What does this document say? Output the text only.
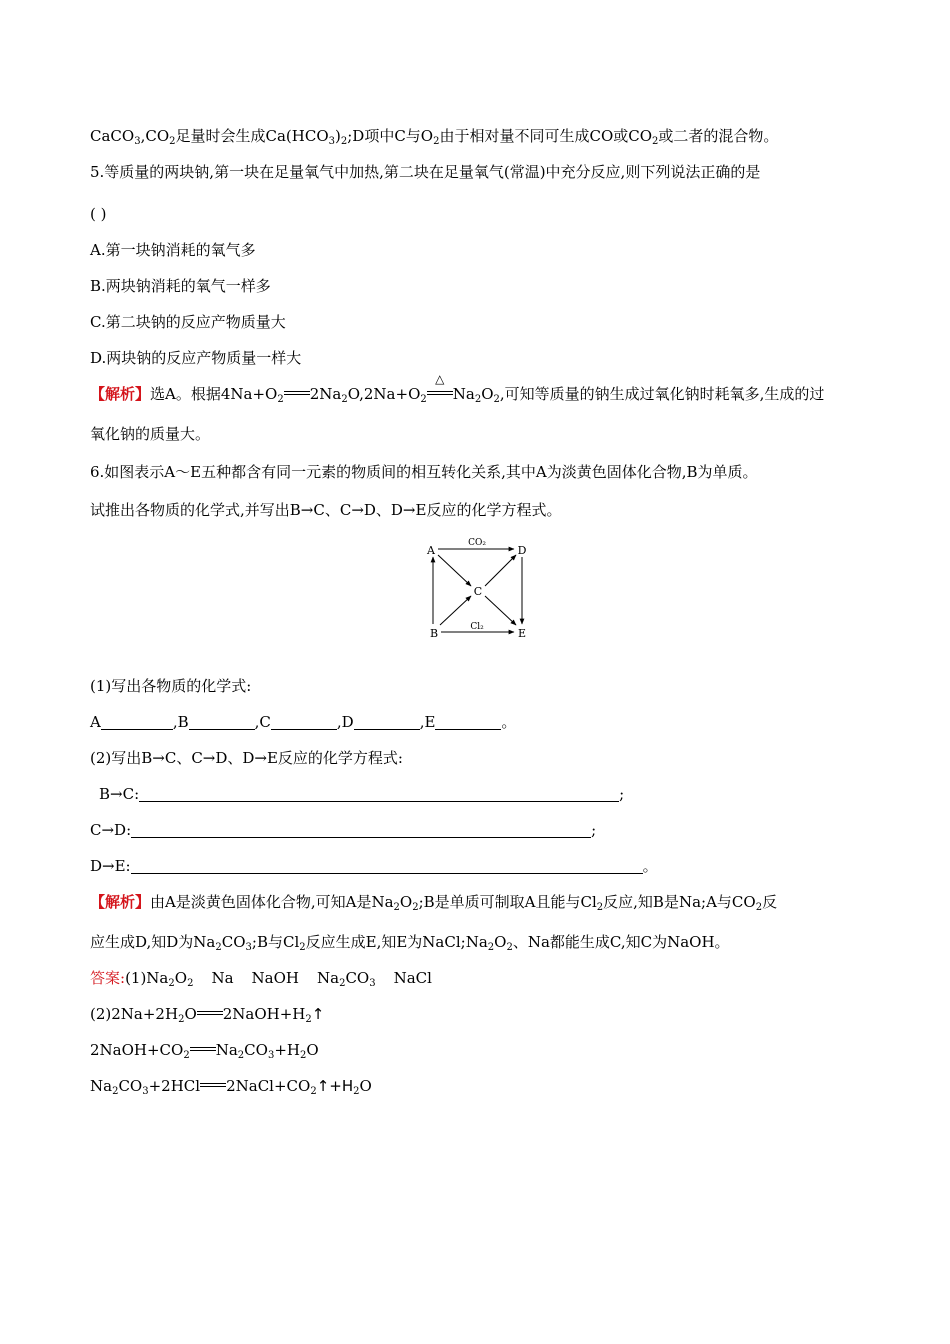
$CaCO_3,CO_2$足量时会生成$Ca(HCO_3)_2;D$项中C与$O_2$由于相对量不同可生成CO或$CO_2$或二者的混合物。
5.等质量的两块钠,第一块在足量氧气中加热,第二块在足量氧气(常温)中充分反应,则下列说法正确的是
( )
A.第一块钠消耗的氧气多
B.两块钠消耗的氧气一样多
C.第二块钠的反应产物质量大
D.两块钠的反应产物质量一样大
【解析】选A。根据$4Na+O_2$ $2Na_2O,2Na+O_2$
△
$Na_2O_2$,可知等质量的钠生成过氧化钠时耗氧多,生成的过
氧化钠的质量大。
6.如图表示A～E五种都含有同一元素的物质间的相互转化关系,其中A为淡黄色固体化合物,B为单质。
试推出各物质的化学式,并写出B→C、C→D、D→E反应的化学方程式。
A	D
C
B	E
CO₂
Cl₂
(1)写出各物质的化学式:
A	,B	,C	,D	,E	。
(2)写出B→C、C→D、D→E反应的化学方程式:
B→C:	;
C→D:	;
D→E:	。
【解析】由A是淡黄色固体化合物,可知A是$Na_2O_2;B$是单质可制取A且能与$Cl_2$反应,知B是Na;A与$CO_2$反
应生成D,知D为$Na_2CO_3;B$与$Cl_2$反应生成E,知E为$NaCl;Na_2O_2$、Na都能生成C,知C为NaOH。
答案$:(1)Na_2O_2$ Na NaOH $Na_2CO_3$ NaCl
$(2)2Na+2H_2O$ $2NaOH+H_2↑$
$2NaOH+CO_2$ $Na_2CO_3+H_2O$
$Na_2CO_3+2HCl$ $2NaCl+CO_2↑+H_2O$
